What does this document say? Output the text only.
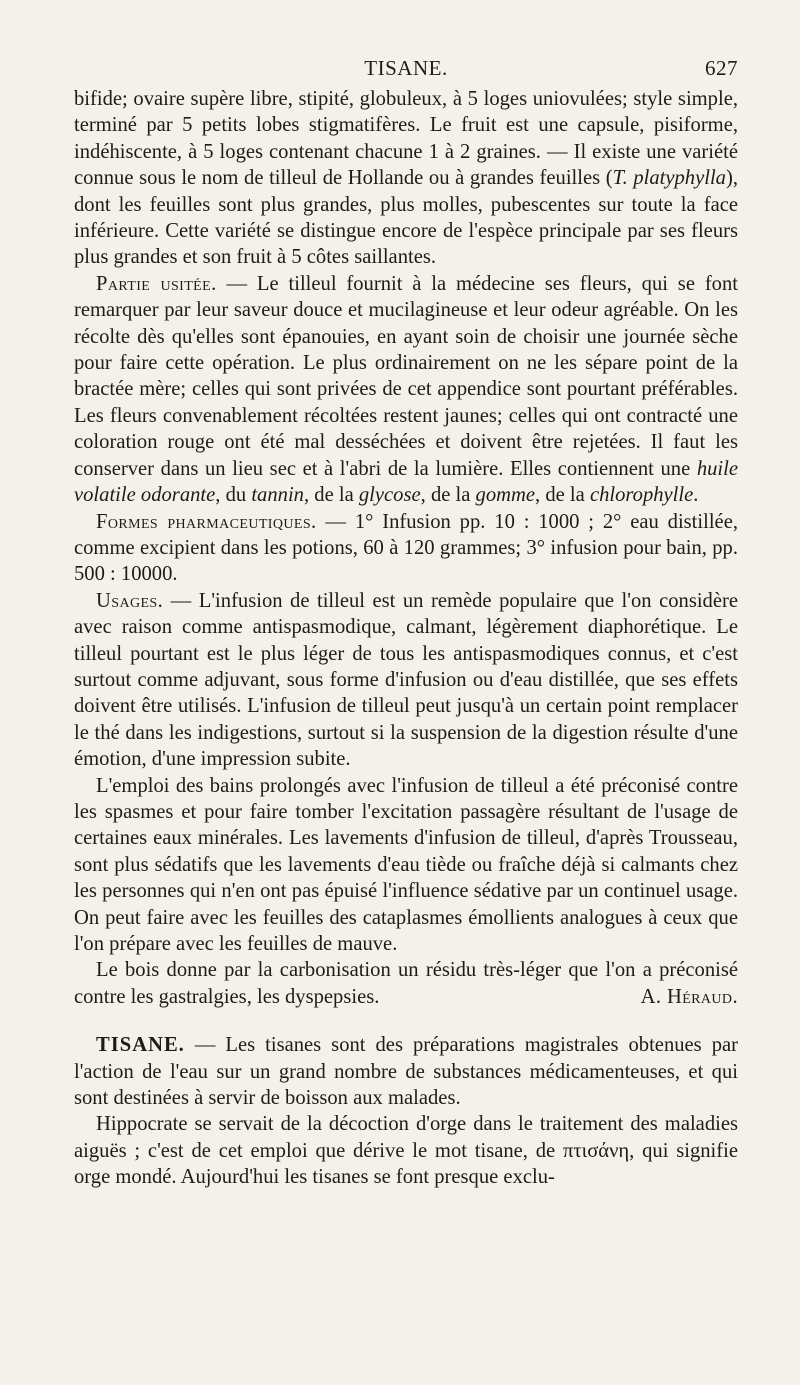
TISANE.	627

bifide; ovaire supère libre, stipité, globuleux, à 5 loges uniovulées; style simple, terminé par 5 petits lobes stigmatifères. Le fruit est une capsule, pisiforme, indéhiscente, à 5 loges contenant chacune 1 à 2 graines. — Il existe une variété connue sous le nom de tilleul de Hollande ou à grandes feuilles (T. platyphylla), dont les feuilles sont plus grandes, plus molles, pubescentes sur toute la face inférieure. Cette variété se distingue encore de l'espèce principale par ses fleurs plus grandes et son fruit à 5 côtes saillantes.

Partie usitée. — Le tilleul fournit à la médecine ses fleurs, qui se font remarquer par leur saveur douce et mucilagineuse et leur odeur agréable. On les récolte dès qu'elles sont épanouies, en ayant soin de choisir une journée sèche pour faire cette opération. Le plus ordinairement on ne les sépare point de la bractée mère; celles qui sont privées de cet appendice sont pourtant préférables. Les fleurs convenablement récoltées restent jaunes; celles qui ont contracté une coloration rouge ont été mal desséchées et doivent être rejetées. Il faut les conserver dans un lieu sec et à l'abri de la lumière. Elles contiennent une huile volatile odorante, du tannin, de la glycose, de la gomme, de la chlorophylle.

Formes pharmaceutiques. — 1° Infusion pp. 10 : 1000 ; 2° eau distillée, comme excipient dans les potions, 60 à 120 grammes; 3° infusion pour bain, pp. 500 : 10000.

Usages. — L'infusion de tilleul est un remède populaire que l'on considère avec raison comme antispasmodique, calmant, légèrement diaphorétique. Le tilleul pourtant est le plus léger de tous les antispasmodiques connus, et c'est surtout comme adjuvant, sous forme d'infusion ou d'eau distillée, que ses effets doivent être utilisés. L'infusion de tilleul peut jusqu'à un certain point remplacer le thé dans les indigestions, surtout si la suspension de la digestion résulte d'une émotion, d'une impression subite.

L'emploi des bains prolongés avec l'infusion de tilleul a été préconisé contre les spasmes et pour faire tomber l'excitation passagère résultant de l'usage de certaines eaux minérales. Les lavements d'infusion de tilleul, d'après Trousseau, sont plus sédatifs que les lavements d'eau tiède ou fraîche déjà si calmants chez les personnes qui n'en ont pas épuisé l'influence sédative par un continuel usage. On peut faire avec les feuilles des cataplasmes émollients analogues à ceux que l'on prépare avec les feuilles de mauve.

Le bois donne par la carbonisation un résidu très-léger que l'on a préconisé contre les gastralgies, les dyspepsies.	A. Héraud.

TISANE. — Les tisanes sont des préparations magistrales obtenues par l'action de l'eau sur un grand nombre de substances médicamenteuses, et qui sont destinées à servir de boisson aux malades.

Hippocrate se servait de la décoction d'orge dans le traitement des maladies aiguës ; c'est de cet emploi que dérive le mot tisane, de πτισάνη, qui signifie orge mondé. Aujourd'hui les tisanes se font presque exclu-
